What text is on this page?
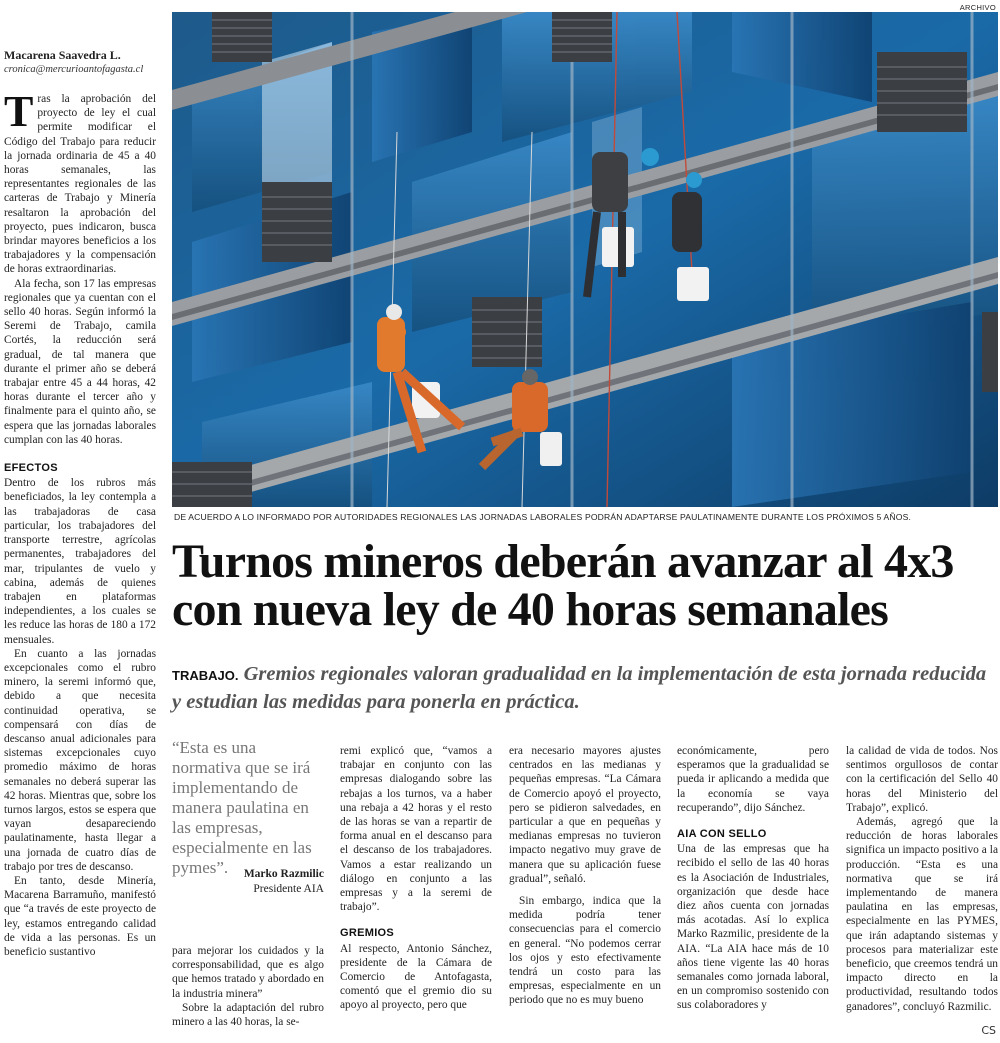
ARCHIVO
DE ACUERDO A LO INFORMADO POR AUTORIDADES REGIONALES LAS JORNADAS LABORALES PODRÁN ADAPTARSE PAULATINAMENTE DURANTE LOS PRÓXIMOS 5 AÑOS.
Macarena Saavedra L.
cronica@mercurioantofagasta.cl

Tras la aprobación del proyecto de ley el cual permite modificar el Código del Trabajo para reducir la jornada ordinaria de 45 a 40 horas semanales, las representantes regionales de las carteras de Trabajo y Minería resaltaron la aprobación del proyecto, pues indicaron, busca brindar mayores beneficios a los trabajadores y la compensación de horas extraordinarias.

Ala fecha, son 17 las empresas regionales que ya cuentan con el sello 40 horas. Según informó la Seremi de Trabajo, camila Cortés, la reducción será gradual, de tal manera que durante el primer año se deberá trabajar entre 45 a 44 horas, 42 horas durante el tercer año y finalmente para el quinto año, se espera que las jornadas laborales cumplan con las 40 horas.

EFECTOS

Dentro de los rubros más beneficiados, la ley contempla a las trabajadoras de casa particular, los trabajadores del transporte terrestre, agrícolas permanentes, trabajadores del mar, tripulantes de vuelo y cabina, además de quienes trabajen en plataformas independientes, a los cuales se les reduce las horas de 180 a 172 mensuales.

En cuanto a las jornadas excepcionales como el rubro minero, la seremi informó que, debido a que necesita continuidad operativa, se compensará con días de descanso anual adicionales para sistemas excepcionales cuyo promedio máximo de horas semanales no deberá superar las 42 horas. Mientras que, sobre los turnos largos, estos se espera que vayan desapareciendo paulatinamente, hasta llegar a una jornada de cuatro días de trabajo por tres de descanso.

En tanto, desde Minería, Macarena Barramuño, manifestó que “a través de este proyecto de ley, estamos entregando calidad de vida a las personas. Es un beneficio sustantivo

Turnos mineros deberán avanzar al 4x3
con nueva ley de 40 horas semanales
TRABAJO. Gremios regionales valoran gradualidad en la implementación de esta jornada reducida y estudian las medidas para ponerla en práctica.
“Esta es una normativa que se irá implementando de manera paulatina en las empresas, especialmente en las pymes”.	Marko Razmilic
Presidente AIA

para mejorar los cuidados y la corresponsabilidad, que es algo que hemos tratado y abordado en la industria minera”

Sobre la adaptación del rubro minero a las 40 horas, la se-

remi explicó que, “vamos a trabajar en conjunto con las empresas dialogando sobre las rebajas a los turnos, va a haber una rebaja a 42 horas y el resto de las horas se van a repartir de forma anual en el descanso para el descanso de los trabajadores. Vamos a estar realizando un diálogo en conjunto a las empresas y a la seremi de trabajo”.

GREMIOS

Al respecto, Antonio Sánchez, presidente de la Cámara de Comercio de Antofagasta, comentó que el gremio dio su apoyo al proyecto, pero que

era necesario mayores ajustes centrados en las medianas y pequeñas empresas. “La Cámara de Comercio apoyó el proyecto, pero se pidieron salvedades, en particular a que en pequeñas y medianas empresas no tuvieron impacto negativo muy grave de manera que su aplicación fuese gradual”, señaló.

Sin embargo, indica que la medida podría tener consecuencias para el comercio en general. “No podemos cerrar los ojos y esto efectivamente tendrá un costo para las empresas, especialmente en un periodo que no es muy bueno

económicamente, pero esperamos que la gradualidad se pueda ir aplicando a medida que la economía se vaya recuperando”, dijo Sánchez.

AIA CON SELLO

Una de las empresas que ha recibido el sello de las 40 horas es la Asociación de Industriales, organización que desde hace diez años cuenta con jornadas más acotadas. Así lo explica Marko Razmilic, presidente de la AIA. “La AIA hace más de 10 años tiene vigente las 40 horas semanales como jornada laboral, en un compromiso sostenido con sus colaboradores y

la calidad de vida de todos. Nos sentimos orgullosos de contar con la certificación del Sello 40 horas del Ministerio del Trabajo”, explicó.

Además, agregó que la reducción de horas laborales significa un impacto positivo a la producción. “Esta es una normativa que se irá implementando de manera paulatina en las empresas, especialmente en las PYMES, que irán adaptando sistemas y procesos para materializar este beneficio, que creemos tendrá un impacto directo en la productividad, resultando todos ganadores”, concluyó Razmilic.

CS
